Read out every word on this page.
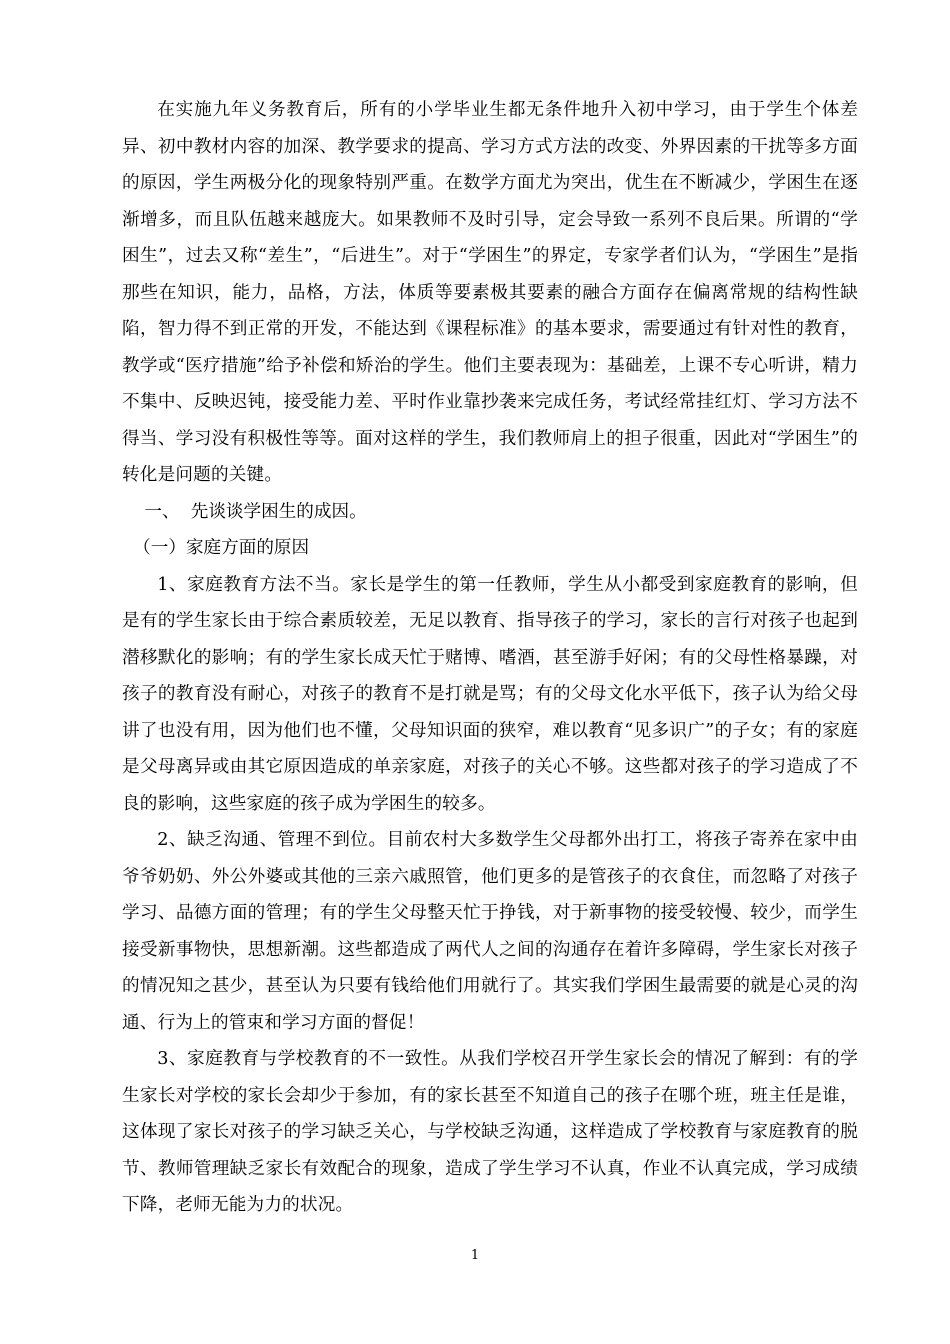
在实施九年义务教育后，所有的小学毕业生都无条件地升入初中学习，由于学生个体差异、初中教材内容的加深、教学要求的提高、学习方式方法的改变、外界因素的干扰等多方面的原因，学生两极分化的现象特别严重。在数学方面尤为突出，优生在不断减少，学困生在逐渐增多，而且队伍越来越庞大。如果教师不及时引导，定会导致一系列不良后果。所谓的“学困生”，过去又称“差生”，“后进生”。对于“学困生”的界定，专家学者们认为，“学困生”是指那些在知识，能力，品格，方法，体质等要素极其要素的融合方面存在偏离常规的结构性缺陷，智力得不到正常的开发，不能达到《课程标准》的基本要求，需要通过有针对性的教育，教学或“医疗措施”给予补偿和矫治的学生。他们主要表现为：基础差，上课不专心听讲，精力不集中、反映迟钝，接受能力差、平时作业靠抄袭来完成任务，考试经常挂红灯、学习方法不得当、学习没有积极性等等。面对这样的学生，我们教师肩上的担子很重，因此对“学困生”的转化是问题的关键。

一、  先谈谈学困生的成因。

（一）家庭方面的原因

1、家庭教育方法不当。家长是学生的第一任教师，学生从小都受到家庭教育的影响，但是有的学生家长由于综合素质较差，无足以教育、指导孩子的学习，家长的言行对孩子也起到潜移默化的影响；有的学生家长成天忙于赌博、嗜酒，甚至游手好闲；有的父母性格暴躁，对孩子的教育没有耐心，对孩子的教育不是打就是骂；有的父母文化水平低下，孩子认为给父母讲了也没有用，因为他们也不懂，父母知识面的狭窄，难以教育“见多识广”的子女；有的家庭是父母离异或由其它原因造成的单亲家庭，对孩子的关心不够。这些都对孩子的学习造成了不良的影响，这些家庭的孩子成为学困生的较多。

2、缺乏沟通、管理不到位。目前农村大多数学生父母都外出打工，将孩子寄养在家中由爷爷奶奶、外公外婆或其他的三亲六戚照管，他们更多的是管孩子的衣食住，而忽略了对孩子学习、品德方面的管理；有的学生父母整天忙于挣钱，对于新事物的接受较慢、较少，而学生接受新事物快，思想新潮。这些都造成了两代人之间的沟通存在着许多障碍，学生家长对孩子的情况知之甚少，甚至认为只要有钱给他们用就行了。其实我们学困生最需要的就是心灵的沟通、行为上的管束和学习方面的督促！

3、家庭教育与学校教育的不一致性。从我们学校召开学生家长会的情况了解到：有的学生家长对学校的家长会却少于参加，有的家长甚至不知道自己的孩子在哪个班，班主任是谁，这体现了家长对孩子的学习缺乏关心，与学校缺乏沟通，这样造成了学校教育与家庭教育的脱节、教师管理缺乏家长有效配合的现象，造成了学生学习不认真，作业不认真完成，学习成绩下降，老师无能为力的状况。

1
